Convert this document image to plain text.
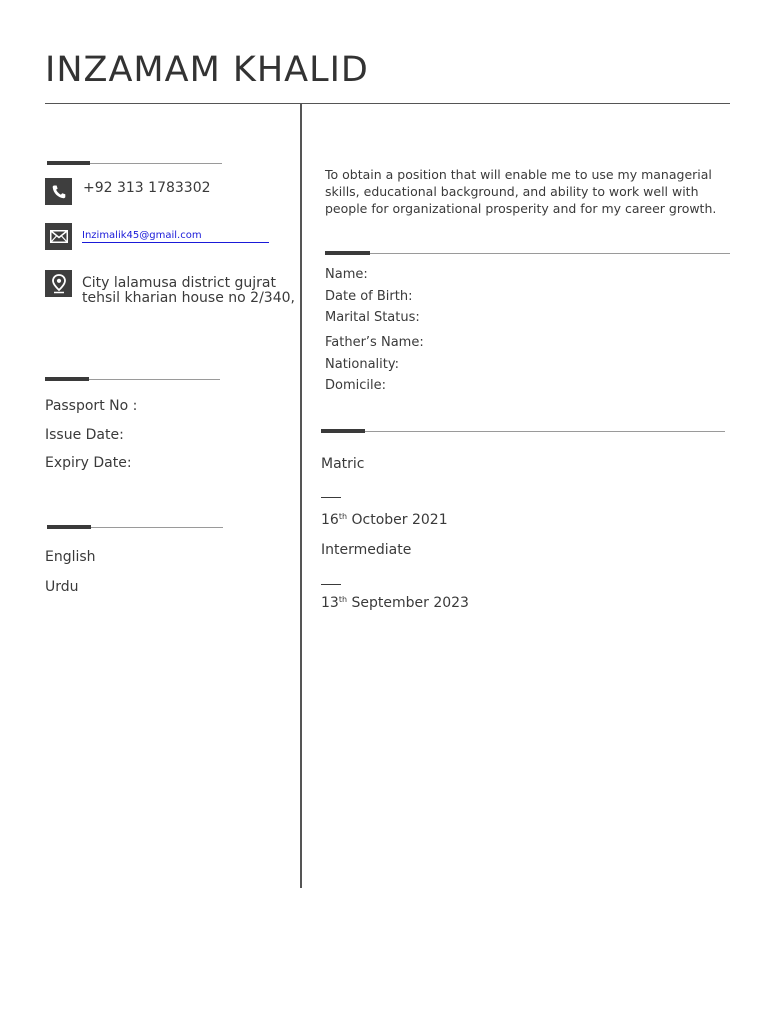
INZAMAM KHALID
+92 313 1783302
Inzimalik45@gmail.com
City lalamusa district gujrat
tehsil kharian house no 2/340,
Passport No :
Issue Date:
Expiry Date:
English
Urdu
To obtain a position that will enable me to use my managerial
skills, educational background, and ability to work well with
people for organizational prosperity and for my career growth.
Name:
Date of Birth:
Marital Status:
Father’s Name:
Nationality:
Domicile:
Matric
16th October 2021
Intermediate
13th September 2023
